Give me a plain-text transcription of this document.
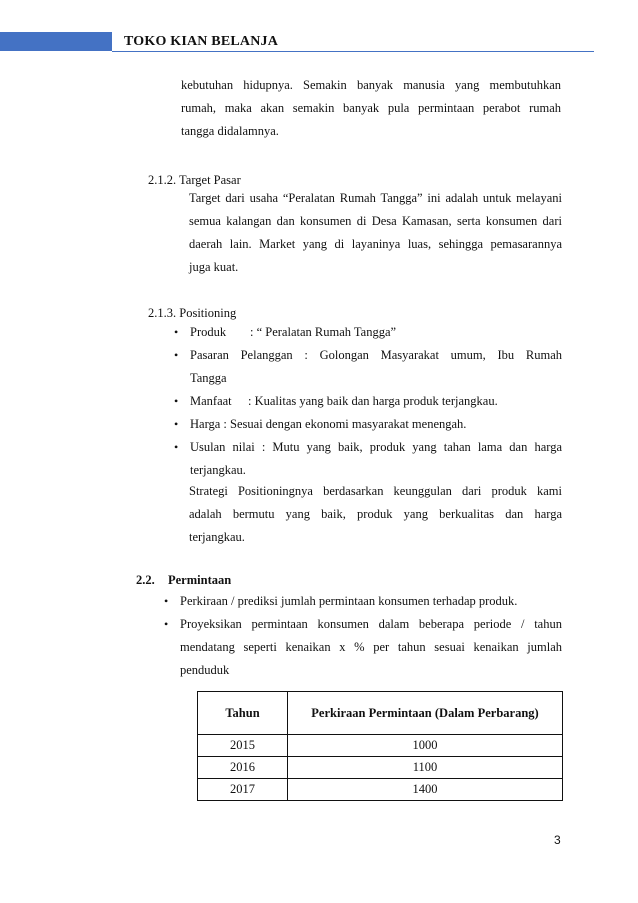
TOKO KIAN BELANJA
kebutuhan hidupnya. Semakin banyak manusia yang membutuhkan
rumah, maka akan semakin banyak pula permintaan perabot rumah
tangga didalamnya.
2.1.2. Target Pasar
Target dari usaha “Peralatan Rumah Tangga” ini adalah untuk melayani
semua kalangan dan konsumen di Desa Kamasan, serta konsumen dari
daerah lain. Market yang di layaninya luas, sehingga pemasarannya
juga kuat.
2.1.3. Positioning
• Produk : “ Peralatan Rumah Tangga”
• Pasaran Pelanggan : Golongan Masyarakat umum, Ibu Rumah
Tangga
• Manfaat : Kualitas yang baik dan harga produk terjangkau.
• Harga : Sesuai dengan ekonomi masyarakat menengah.
• Usulan nilai : Mutu yang baik, produk yang tahan lama dan harga
terjangkau.
Strategi Positioningnya berdasarkan keunggulan dari produk kami
adalah bermutu yang baik, produk yang berkualitas dan harga
terjangkau.
2.2. Permintaan
• Perkiraan / prediksi jumlah permintaan konsumen terhadap produk.
• Proyeksikan permintaan konsumen dalam beberapa periode / tahun
mendatang seperti kenaikan x % per tahun sesuai kenaikan jumlah
penduduk
Tahun	Perkiraan Permintaan (Dalam Perbarang)
2015	1000
2016	1100
2017	1400
3
